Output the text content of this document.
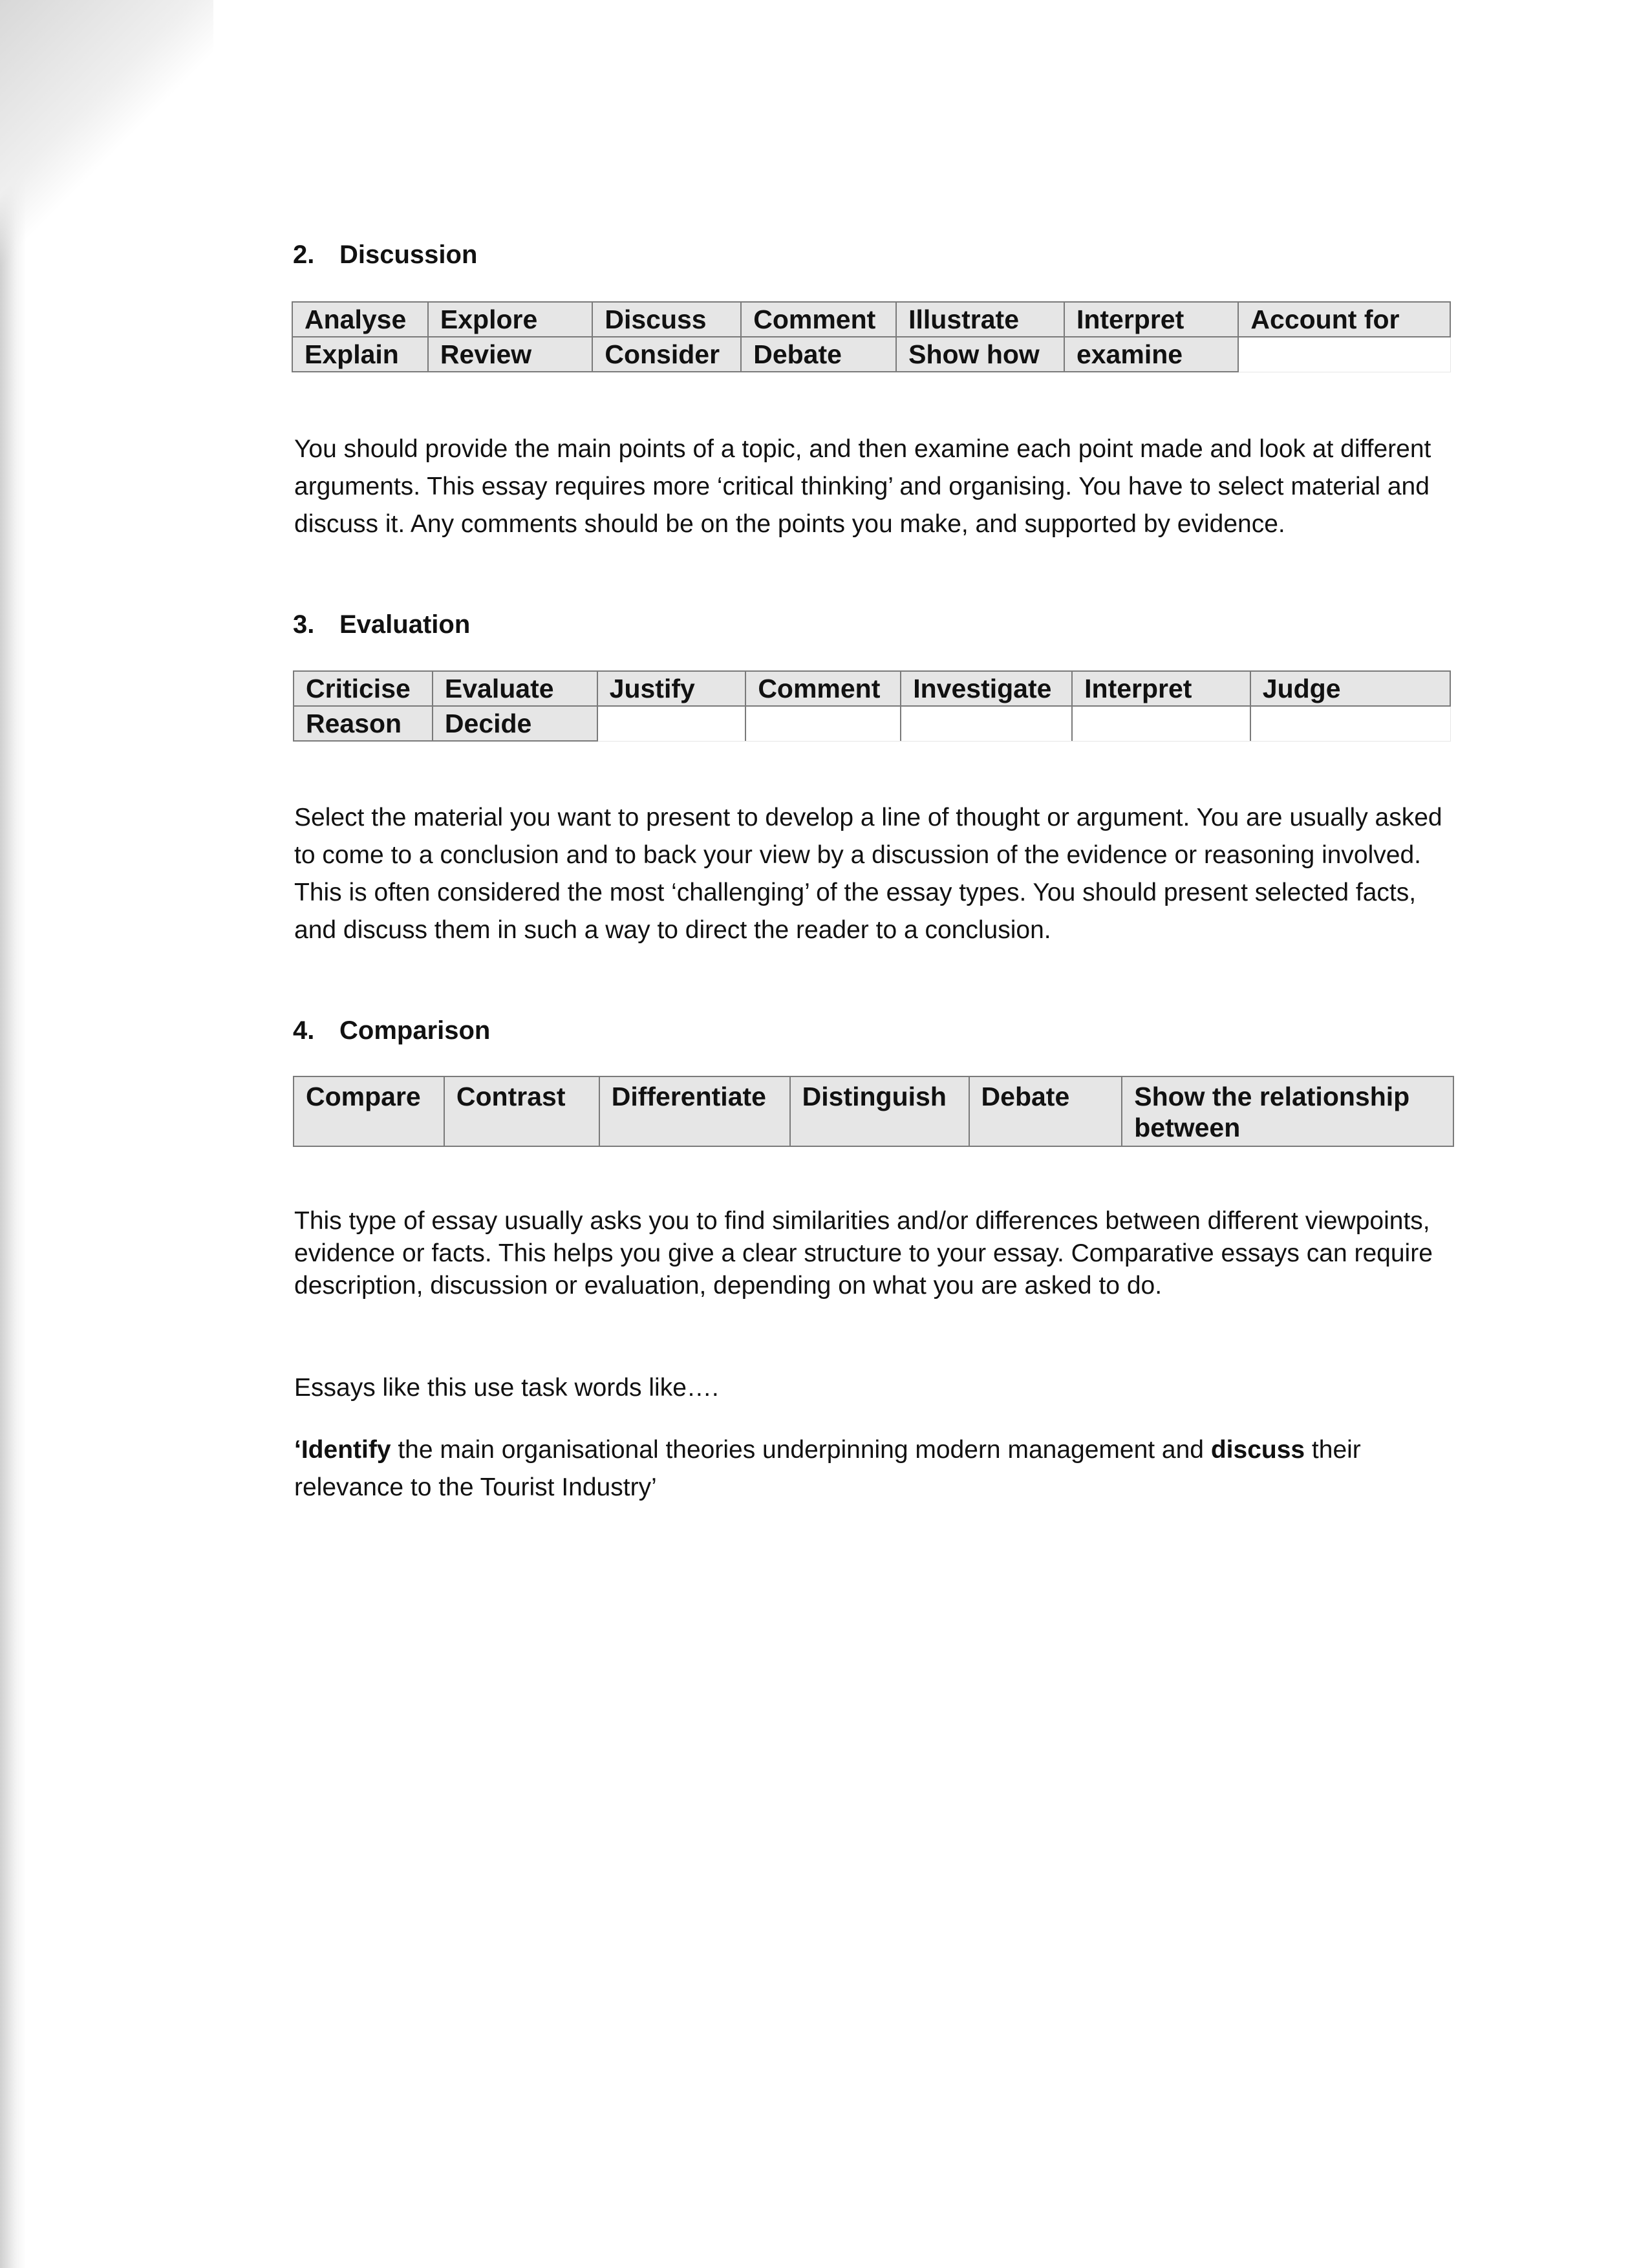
2. Discussion
Analyse	Explore	Discuss	Comment	Illustrate	Interpret	Account for
Explain	Review	Consider	Debate	Show how	examine	

You should provide the main points of a topic, and then examine each point made and look at different arguments. This essay requires more ‘critical thinking’ and organising. You have to select material and discuss it. Any comments should be on the points you make, and supported by evidence.

3. Evaluation
Criticise	Evaluate	Justify	Comment	Investigate	Interpret	Judge
Reason	Decide					

Select the material you want to present to develop a line of thought or argument. You are usually asked to come to a conclusion and to back your view by a discussion of the evidence or reasoning involved. This is often considered the most ‘challenging’ of the essay types. You should present selected facts, and discuss them in such a way to direct the reader to a conclusion.

4. Comparison
Compare	Contrast	Differentiate	Distinguish	Debate	Show the relationship between

This type of essay usually asks you to find similarities and/or differences between different viewpoints, evidence or facts. This helps you give a clear structure to your essay. Comparative essays can require description, discussion or evaluation, depending on what you are asked to do.

Essays like this use task words like….

‘Identify the main organisational theories underpinning modern management and discuss their relevance to the Tourist Industry’
